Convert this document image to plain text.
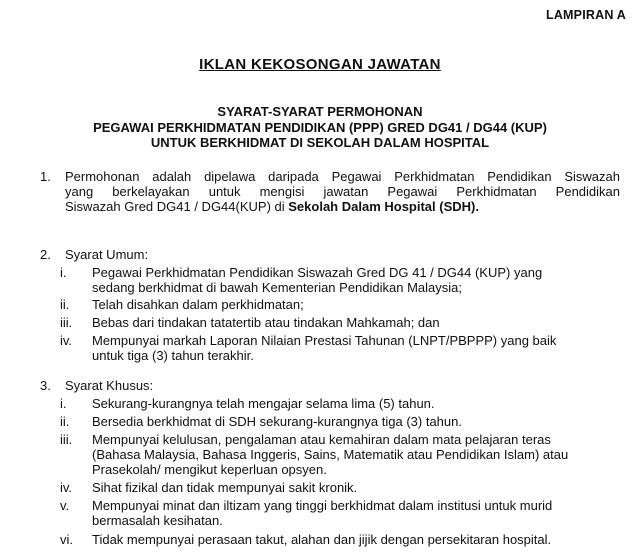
LAMPIRAN A
IKLAN KEKOSONGAN JAWATAN
SYARAT-SYARAT PERMOHONAN
PEGAWAI PERKHIDMATAN PENDIDIKAN (PPP) GRED DG41 / DG44 (KUP)
UNTUK BERKHIDMAT DI SEKOLAH DALAM HOSPITAL
1. Permohonan adalah dipelawa daripada Pegawai Perkhidmatan Pendidikan Siswazah
yang berkelayakan untuk mengisi jawatan Pegawai Perkhidmatan Pendidikan
Siswazah Gred DG41 / DG44(KUP) di Sekolah Dalam Hospital (SDH).
2. Syarat Umum:
i.	Pegawai Perkhidmatan Pendidikan Siswazah Gred DG 41 / DG44 (KUP) yang
sedang berkhidmat di bawah Kementerian Pendidikan Malaysia;
ii.	Telah disahkan dalam perkhidmatan;
iii.	Bebas dari tindakan tatatertib atau tindakan Mahkamah; dan
iv.	Mempunyai markah Laporan Nilaian Prestasi Tahunan (LNPT/PBPPP) yang baik
untuk tiga (3) tahun terakhir.
3. Syarat Khusus:
i.	Sekurang-kurangnya telah mengajar selama lima (5) tahun.
ii.	Bersedia berkhidmat di SDH sekurang-kurangnya tiga (3) tahun.
iii.	Mempunyai kelulusan, pengalaman atau kemahiran dalam mata pelajaran teras
(Bahasa Malaysia, Bahasa Inggeris, Sains, Matematik atau Pendidikan Islam) atau
Prasekolah/ mengikut keperluan opsyen.
iv.	Sihat fizikal dan tidak mempunyai sakit kronik.
v.	Mempunyai minat dan iltizam yang tinggi berkhidmat dalam institusi untuk murid
bermasalah kesihatan.
vi.	Tidak mempunyai perasaan takut, alahan dan jijik dengan persekitaran hospital.
